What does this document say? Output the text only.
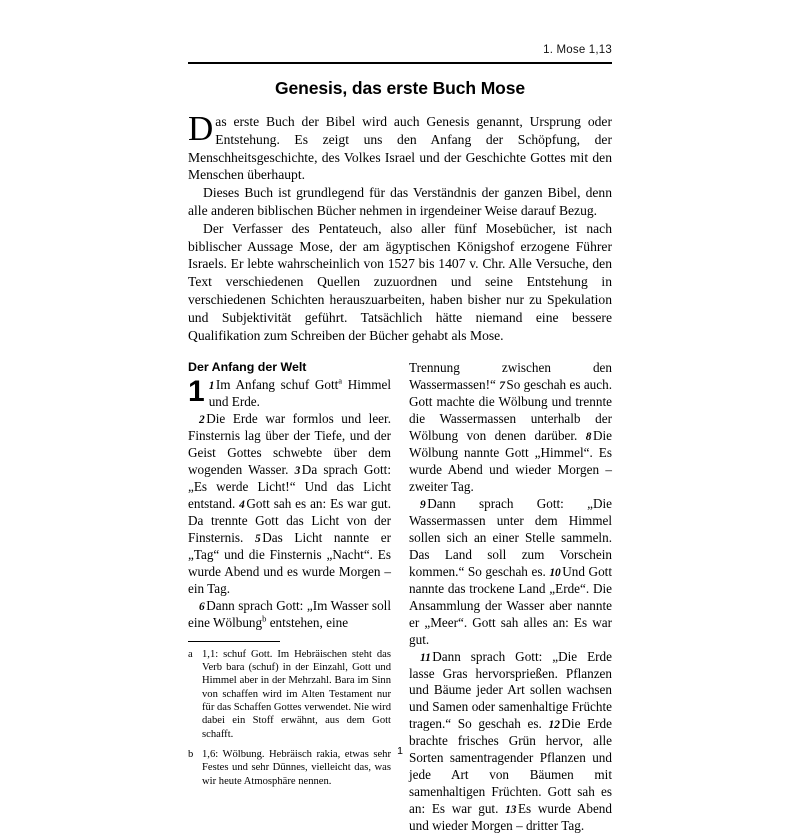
1. Mose 1,13
Genesis, das erste Buch Mose

Das erste Buch der Bibel wird auch Genesis genannt, Ursprung oder Entstehung. Es zeigt uns den Anfang der Schöpfung, der Menschheitsgeschichte, des Volkes Israel und der Geschichte Gottes mit den Menschen überhaupt.

Dieses Buch ist grundlegend für das Verständnis der ganzen Bibel, denn alle anderen biblischen Bücher nehmen in irgendeiner Weise darauf Bezug.

Der Verfasser des Pentateuch, also aller fünf Mosebücher, ist nach biblischer Aussage Mose, der am ägyptischen Königshof erzogene Führer Israels. Er lebte wahrscheinlich von 1527 bis 1407 v. Chr. Alle Versuche, den Text verschiedenen Quellen zuzuordnen und seine Entstehung in verschiedenen Schichten herauszuarbeiten, haben bisher nur zu Spekulation und Subjektivität geführt. Tatsächlich hätte niemand eine bessere Qualifikation zum Schreiben der Bücher gehabt als Mose.

Der Anfang der Welt

1 1 Im Anfang schuf Gott$^a$ Himmel und Erde.

2 Die Erde war formlos und leer. Finsternis lag über der Tiefe, und der Geist Gottes schwebte über dem wogenden Wasser. 3 Da sprach Gott: „Es werde Licht!“ Und das Licht entstand. 4 Gott sah es an: Es war gut. Da trennte Gott das Licht von der Finsternis. 5 Das Licht nannte er „Tag“ und die Finsternis „Nacht“. Es wurde Abend und es wurde Morgen – ein Tag.

6 Dann sprach Gott: „Im Wasser soll eine Wölbung$^b$ entstehen, eine

a 1,1: schuf Gott. Im Hebräischen steht das Verb bara (schuf) in der Einzahl, Gott und Himmel aber in der Mehrzahl. Bara im Sinn von schaffen wird im Alten Testament nur für das Schaffen Gottes verwendet. Nie wird dabei ein Stoff erwähnt, aus dem Gott schafft.
b 1,6: Wölbung. Hebräisch rakia, etwas sehr Festes und sehr Dünnes, vielleicht das, was wir heute Atmosphäre nennen.

Trennung zwischen den Wassermassen!“ 7 So geschah es auch. Gott machte die Wölbung und trennte die Wassermassen unterhalb der Wölbung von denen darüber. 8 Die Wölbung nannte Gott „Himmel“. Es wurde Abend und wieder Morgen – zweiter Tag.

9 Dann sprach Gott: „Die Wassermassen unter dem Himmel sollen sich an einer Stelle sammeln. Das Land soll zum Vorschein kommen.“ So geschah es. 10 Und Gott nannte das trockene Land „Erde“. Die Ansammlung der Wasser aber nannte er „Meer“. Gott sah alles an: Es war gut.

11 Dann sprach Gott: „Die Erde lasse Gras hervorsprießen. Pflanzen und Bäume jeder Art sollen wachsen und Samen oder samenhaltige Früchte tragen.“ So geschah es. 12 Die Erde brachte frisches Grün hervor, alle Sorten samentragender Pflanzen und jede Art von Bäumen mit samenhaltigen Früchten. Gott sah es an: Es war gut. 13 Es wurde Abend und wieder Morgen – dritter Tag.

1
